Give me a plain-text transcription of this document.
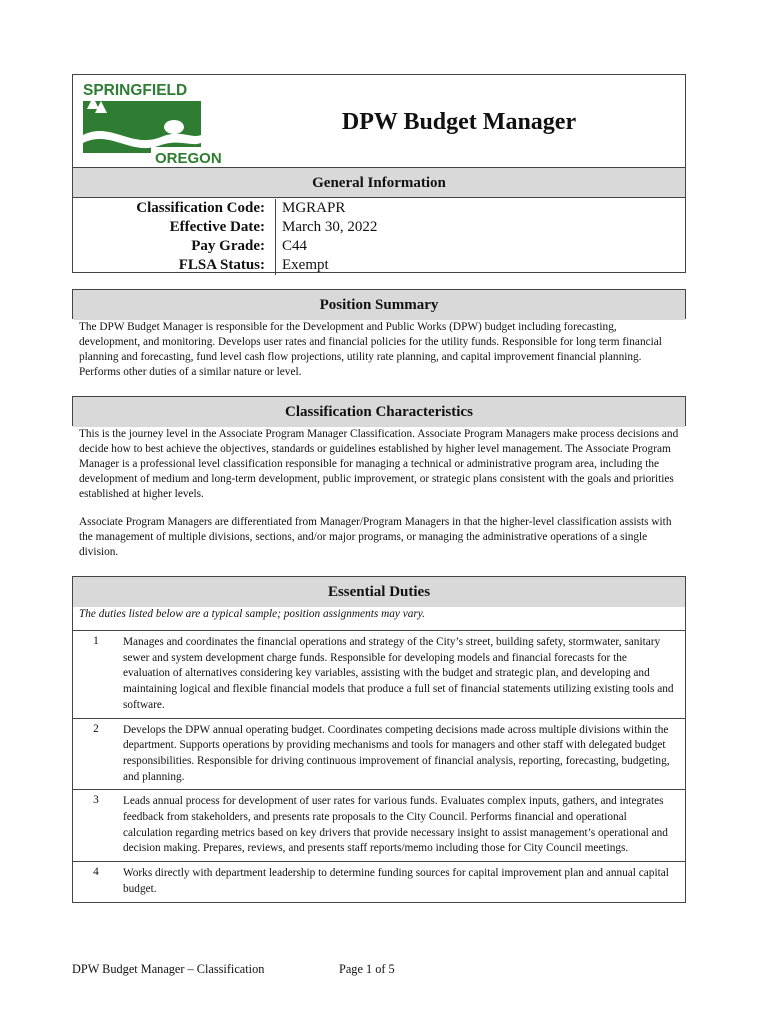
SPRINGFIELD
OREGON
DPW Budget Manager
General Information
Classification Code:	MGRAPR
Effective Date:	March 30, 2022
Pay Grade:	C44
FLSA Status:	Exempt
Position Summary
The DPW Budget Manager is responsible for the Development and Public Works (DPW) budget including forecasting, development, and monitoring. Develops user rates and financial policies for the utility funds. Responsible for long term financial planning and forecasting, fund level cash flow projections, utility rate planning, and capital improvement financial planning. Performs other duties of a similar nature or level.
Classification Characteristics
This is the journey level in the Associate Program Manager Classification. Associate Program Managers make process decisions and decide how to best achieve the objectives, standards or guidelines established by higher level management. The Associate Program Manager is a professional level classification responsible for managing a technical or administrative program area, including the development of medium and long-term development, public improvement, or strategic plans consistent with the goals and priorities established at higher levels.
Associate Program Managers are differentiated from Manager/Program Managers in that the higher-level classification assists with the management of multiple divisions, sections, and/or major programs, or managing the administrative operations of a single division.
Essential Duties
The duties listed below are a typical sample; position assignments may vary.
1	Manages and coordinates the financial operations and strategy of the City’s street, building safety, stormwater, sanitary sewer and system development charge funds. Responsible for developing models and financial forecasts for the evaluation of alternatives considering key variables, assisting with the budget and strategic plan, and developing and maintaining logical and flexible financial models that produce a full set of financial statements utilizing existing tools and software.
2	Develops the DPW annual operating budget. Coordinates competing decisions made across multiple divisions within the department. Supports operations by providing mechanisms and tools for managers and other staff with delegated budget responsibilities. Responsible for driving continuous improvement of financial analysis, reporting, forecasting, budgeting, and planning.
3	Leads annual process for development of user rates for various funds. Evaluates complex inputs, gathers, and integrates feedback from stakeholders, and presents rate proposals to the City Council. Performs financial and operational calculation regarding metrics based on key drivers that provide necessary insight to assist management’s operational and decision making. Prepares, reviews, and presents staff reports/memo including those for City Council meetings.
4	Works directly with department leadership to determine funding sources for capital improvement plan and annual capital budget.
DPW Budget Manager – Classification	Page 1 of 5
